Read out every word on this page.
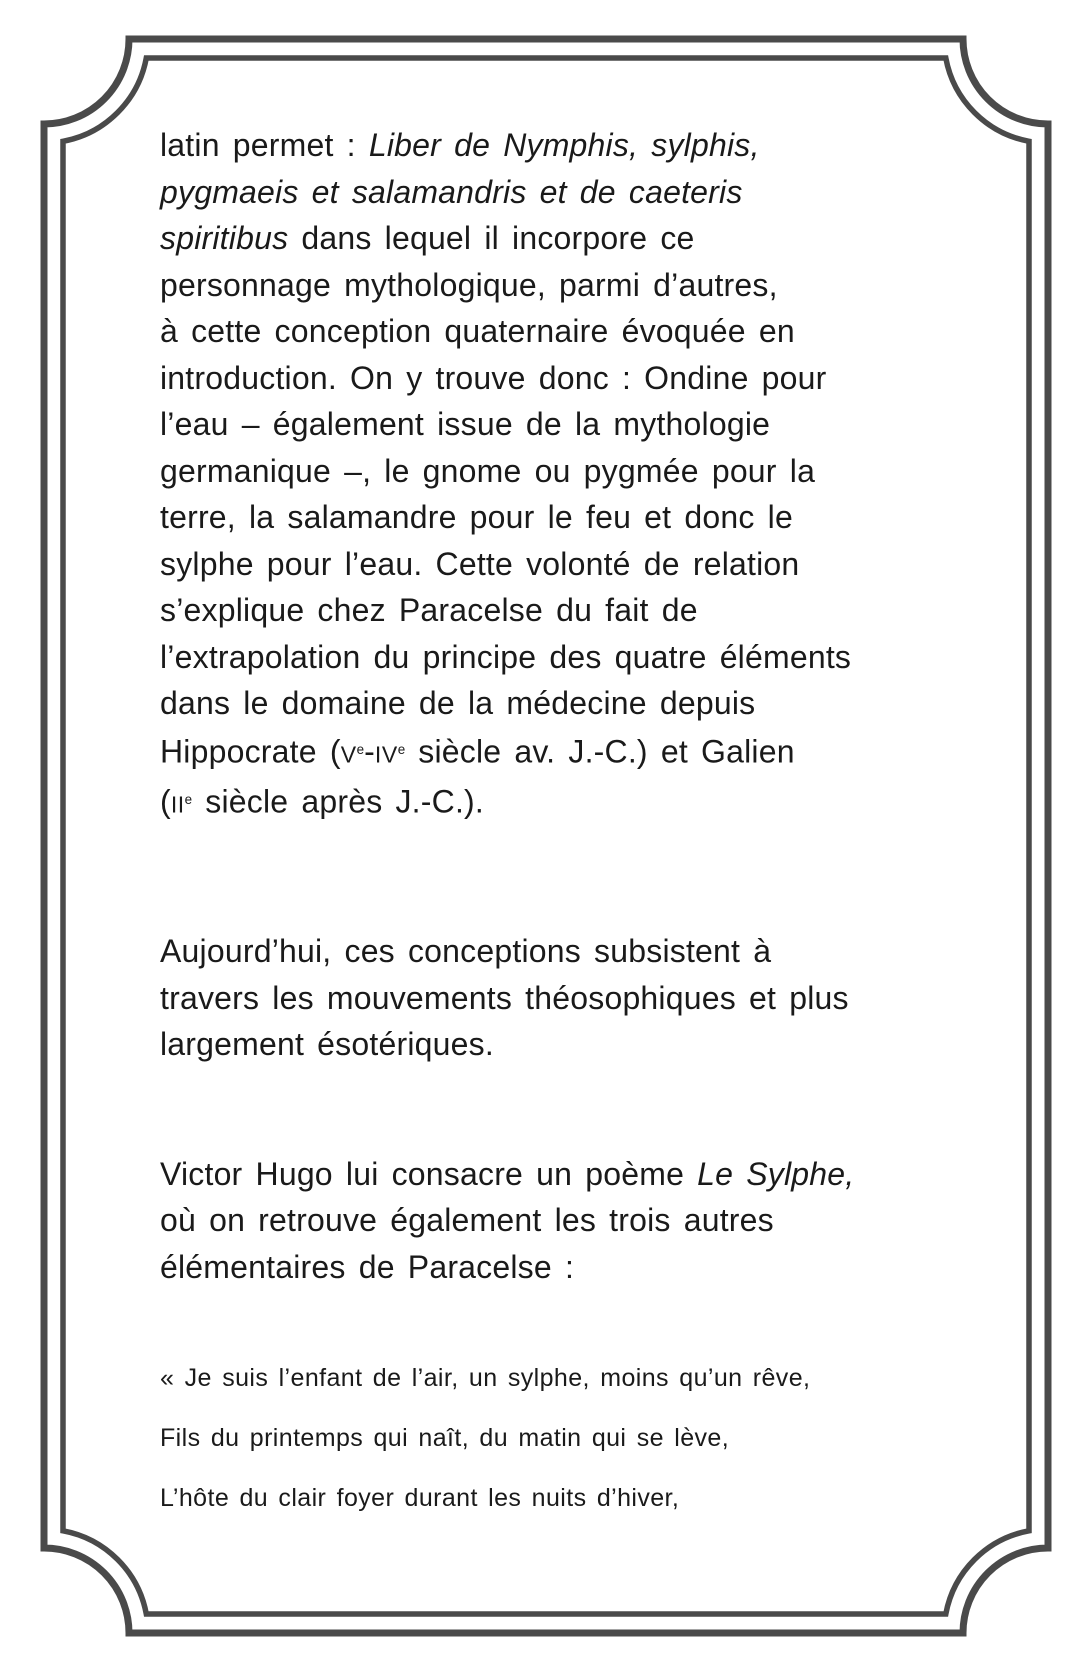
latin permet : Liber de Nymphis, sylphis,
pygmaeis et salamandris et de caeteris
spiritibus dans lequel il incorpore ce
personnage mythologique, parmi d’autres,
à cette conception quaternaire évoquée en
introduction. On y trouve donc : Ondine pour
l’eau – également issue de la mythologie
germanique –, le gnome ou pygmée pour la
terre, la salamandre pour le feu et donc le
sylphe pour l’eau. Cette volonté de relation
s’explique chez Paracelse du fait de
l’extrapolation du principe des quatre éléments
dans le domaine de la médecine depuis
Hippocrate (Ve-IVe siècle av. J.-C.) et Galien
(IIe siècle après J.-C.).
Aujourd’hui, ces conceptions subsistent à
travers les mouvements théosophiques et plus
largement ésotériques.
Victor Hugo lui consacre un poème Le Sylphe,
où on retrouve également les trois autres
élémentaires de Paracelse :
« Je suis l’enfant de l’air, un sylphe, moins qu’un rêve,
Fils du printemps qui naît, du matin qui se lève,
L’hôte du clair foyer durant les nuits d’hiver,
